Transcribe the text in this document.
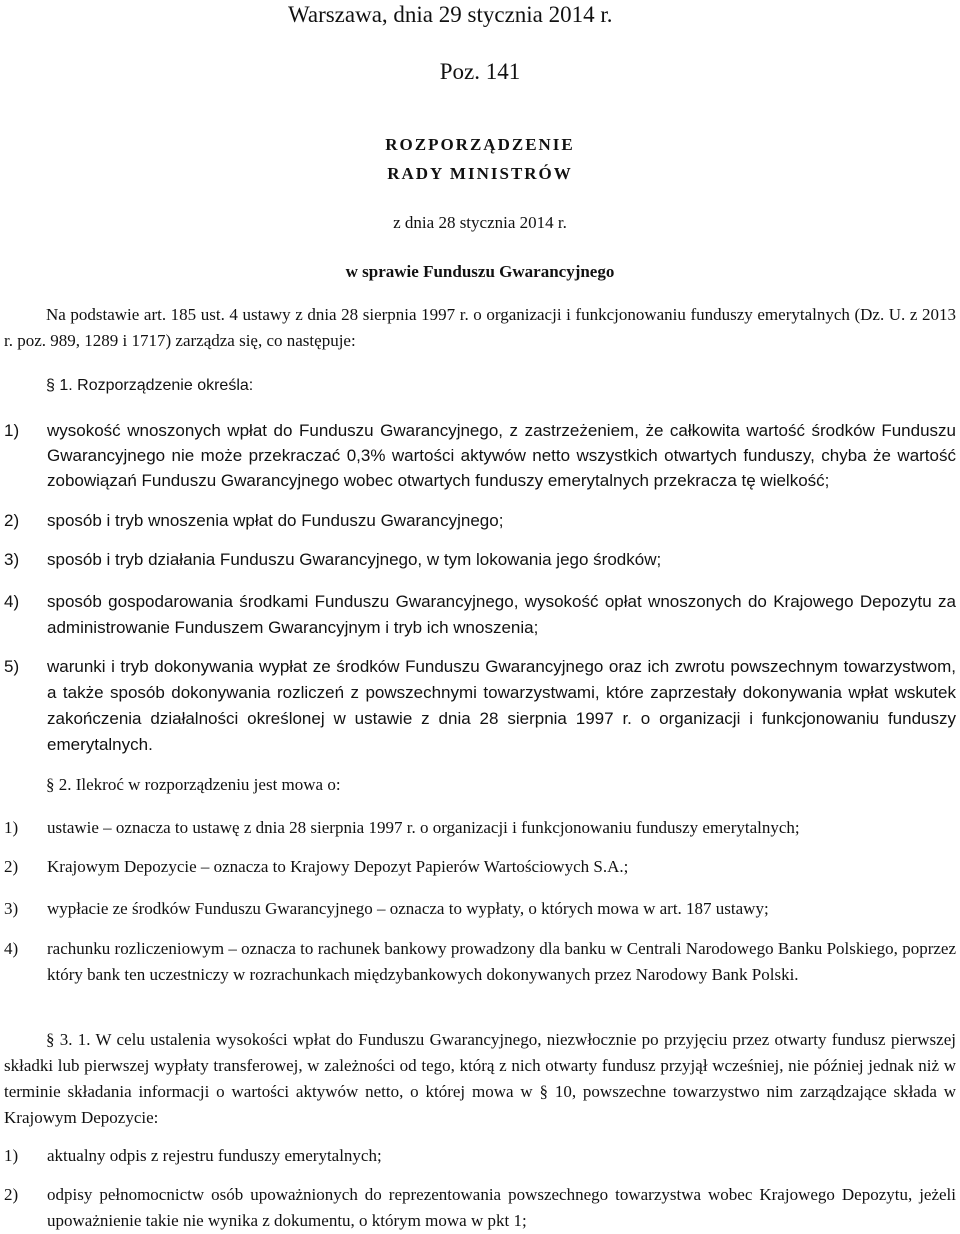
Warszawa, dnia 29 stycznia 2014 r.
Poz. 141
ROZPORZĄDZENIE
RADY MINISTRÓW
z dnia 28 stycznia 2014 r.
w sprawie Funduszu Gwarancyjnego
Na podstawie art. 185 ust. 4 ustawy z dnia 28 sierpnia 1997 r. o organizacji i funkcjonowaniu funduszy emerytalnych (Dz. U. z 2013 r. poz. 989, 1289 i 1717) zarządza się, co następuje:
§ 1. Rozporządzenie określa:
1) wysokość wnoszonych wpłat do Funduszu Gwarancyjnego, z zastrzeżeniem, że całkowita wartość środków Funduszu Gwarancyjnego nie może przekraczać 0,3% wartości aktywów netto wszystkich otwartych funduszy, chyba że wartość zobowiązań Funduszu Gwarancyjnego wobec otwartych funduszy emerytalnych przekracza tę wielkość;
2) sposób i tryb wnoszenia wpłat do Funduszu Gwarancyjnego;
3) sposób i tryb działania Funduszu Gwarancyjnego, w tym lokowania jego środków;
4) sposób gospodarowania środkami Funduszu Gwarancyjnego, wysokość opłat wnoszonych do Krajowego Depozytu za administrowanie Funduszem Gwarancyjnym i tryb ich wnoszenia;
5) warunki i tryb dokonywania wypłat ze środków Funduszu Gwarancyjnego oraz ich zwrotu powszechnym towarzystwom, a także sposób dokonywania rozliczeń z powszechnymi towarzystwami, które zaprzestały dokonywania wpłat wskutek zakończenia działalności określonej w ustawie z dnia 28 sierpnia 1997 r. o organizacji i funkcjonowaniu funduszy emerytalnych.
§ 2. Ilekroć w rozporządzeniu jest mowa o:
1) ustawie – oznacza to ustawę z dnia 28 sierpnia 1997 r. o organizacji i funkcjonowaniu funduszy emerytalnych;
2) Krajowym Depozycie – oznacza to Krajowy Depozyt Papierów Wartościowych S.A.;
3) wypłacie ze środków Funduszu Gwarancyjnego – oznacza to wypłaty, o których mowa w art. 187 ustawy;
4) rachunku rozliczeniowym – oznacza to rachunek bankowy prowadzony dla banku w Centrali Narodowego Banku Polskiego, poprzez który bank ten uczestniczy w rozrachunkach międzybankowych dokonywanych przez Narodowy Bank Polski.
§ 3. 1. W celu ustalenia wysokości wpłat do Funduszu Gwarancyjnego, niezwłocznie po przyjęciu przez otwarty fundusz pierwszej składki lub pierwszej wypłaty transferowej, w zależności od tego, którą z nich otwarty fundusz przyjął wcześniej, nie później jednak niż w terminie składania informacji o wartości aktywów netto, o której mowa w § 10, powszechne towarzystwo nim zarządzające składa w Krajowym Depozycie:
1) aktualny odpis z rejestru funduszy emerytalnych;
2) odpisy pełnomocnictw osób upoważnionych do reprezentowania powszechnego towarzystwa wobec Krajowego Depozytu, jeżeli upoważnienie takie nie wynika z dokumentu, o którym mowa w pkt 1;
